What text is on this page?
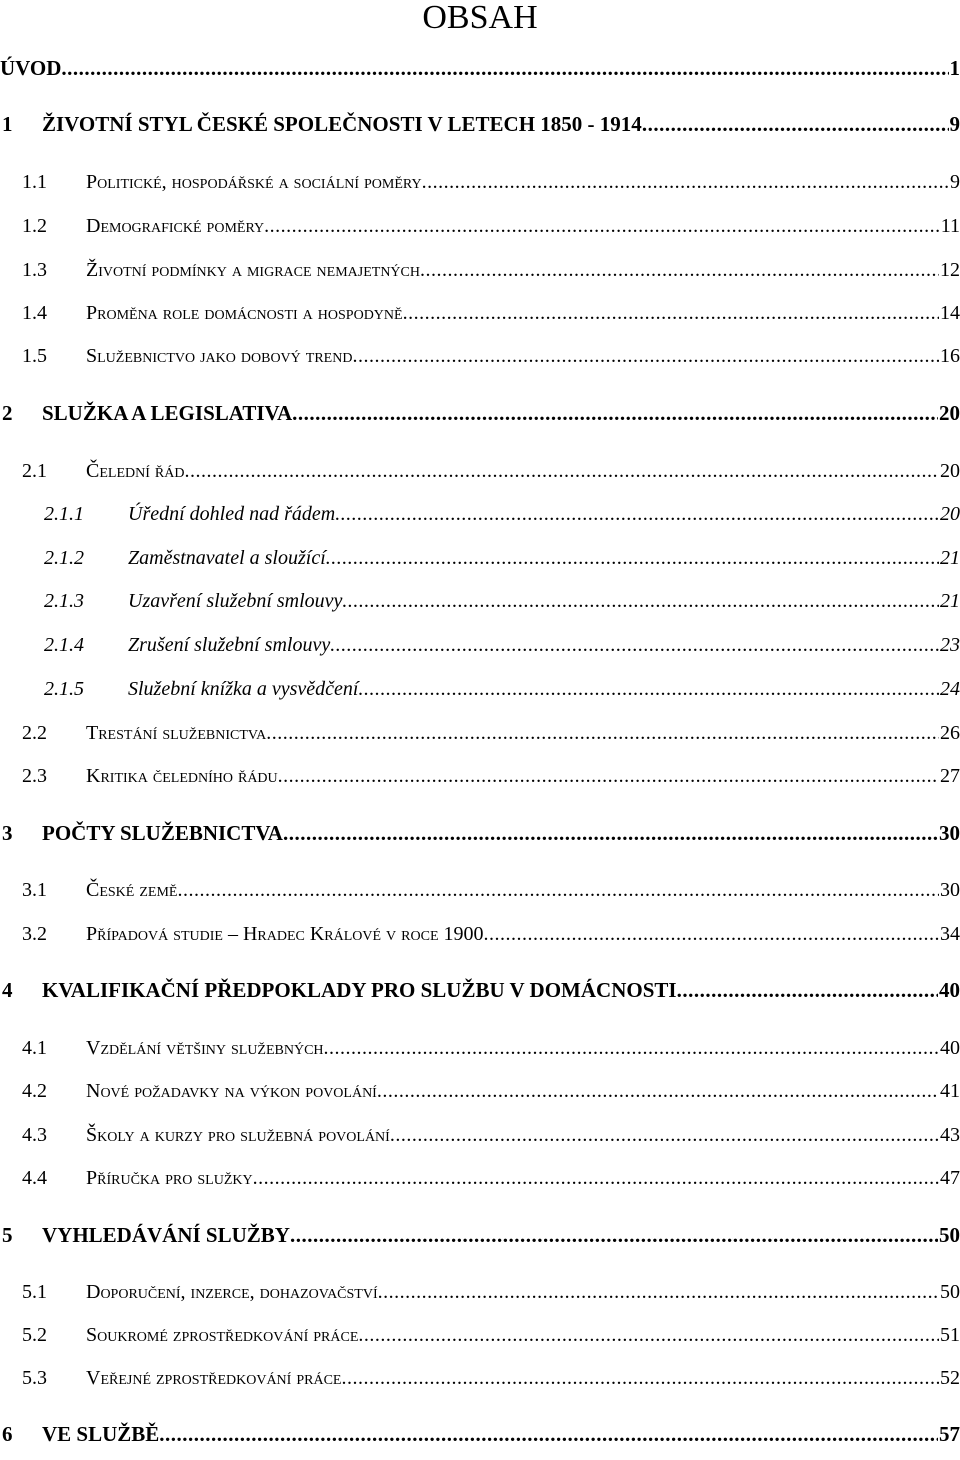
OBSAH
ÚVOD .....	1
1	ŽIVOTNÍ STYL ČESKÉ SPOLEČNOSTI V LETECH 1850 - 1914 .....	9
1.1	Politické, hospodářské a sociální poměry .....	9
1.2	Demografické poměry .....	11
1.3	Životní podmínky a migrace nemajetných .....	12
1.4	Proměna role domácnosti a hospodyně .....	14
1.5	Služebnictvo jako dobový trend .....	16
2	SLUŽKA A LEGISLATIVA .....	20
2.1	Čelední řád .....	20
2.1.1	Úřední dohled nad řádem .....	20
2.1.2	Zaměstnavatel a sloužící .....	21
2.1.3	Uzavření služební smlouvy .....	21
2.1.4	Zrušení služební smlouvy .....	23
2.1.5	Služební knížka a vysvědčení .....	24
2.2	Trestání služebnictva .....	26
2.3	Kritika čeledního řádu .....	27
3	POČTY SLUŽEBNICTVA .....	30
3.1	České země .....	30
3.2	Případová studie – Hradec Králové v roce 1900 .....	34
4	KVALIFIKAČNÍ PŘEDPOKLADY PRO SLUŽBU V DOMÁCNOSTI .....	40
4.1	Vzdělání většiny služebných .....	40
4.2	Nové požadavky na výkon povolání .....	41
4.3	Školy a kurzy pro služebná povolání .....	43
4.4	Příručka pro služky .....	47
5	VYHLEDÁVÁNÍ SLUŽBY .....	50
5.1	Doporučení, inzerce, dohazovačství .....	50
5.2	Soukromé zprostředkování práce .....	51
5.3	Veřejné zprostředkování práce .....	52
6	VE SLUŽBĚ .....	57
